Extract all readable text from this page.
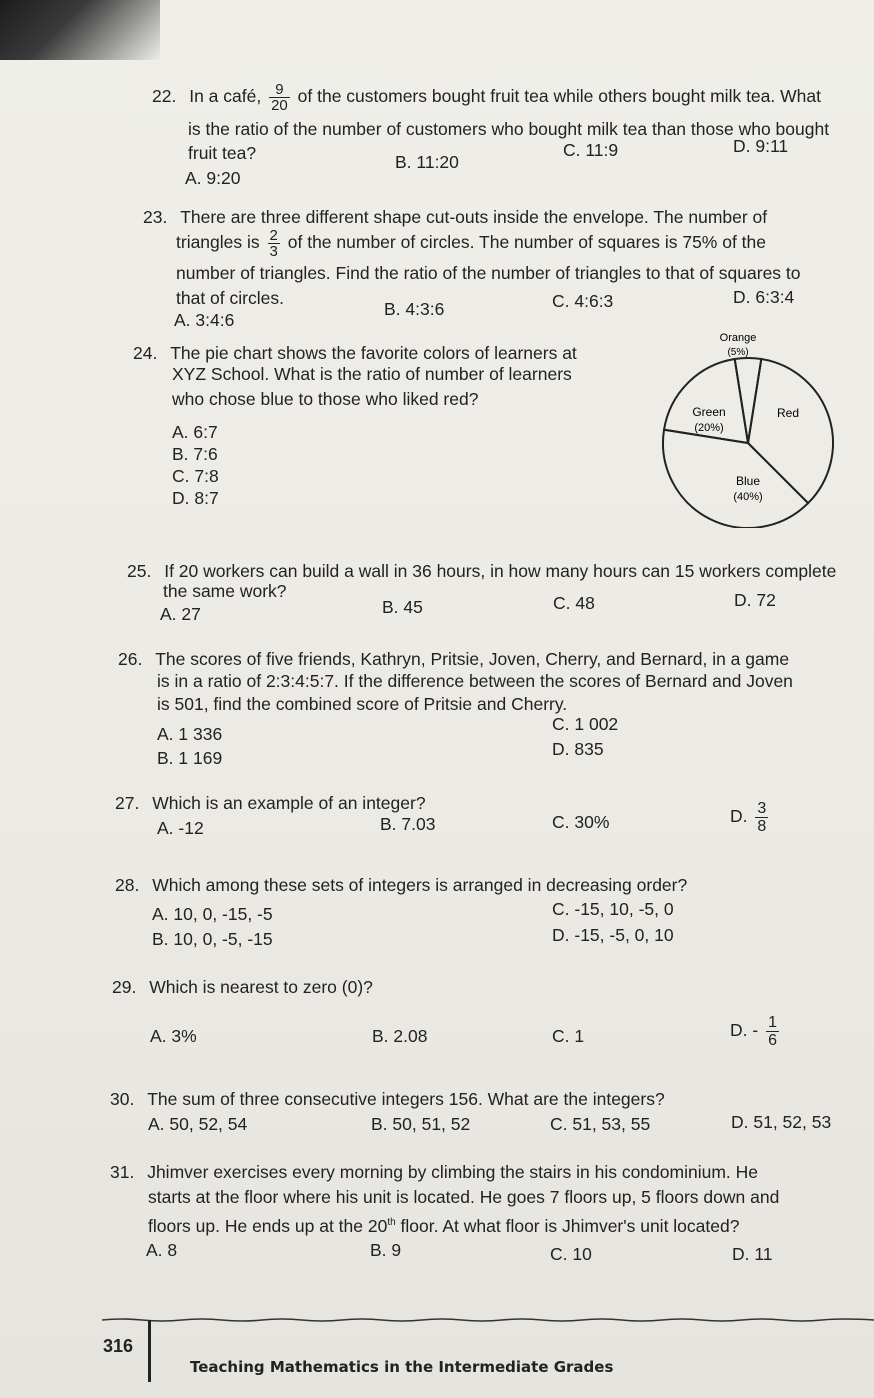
22. In a café, $\frac{9}{20}$ of the customers bought fruit tea while others bought milk tea. What
is the ratio of the number of customers who bought milk tea than those who bought
fruit tea?
A. 9:20
B. 11:20
C. 11:9	D. 9:11
23. There are three different shape cut-outs inside the envelope. The number of
triangles is $\frac{2}{3}$ of the number of circles. The number of squares is 75% of the
number of triangles. Find the ratio of the number of triangles to that of squares to
that of circles.
A. 3:4:6
B. 4:3:6	C. 4:6:3	D. 6:3:4
24. The pie chart shows the favorite colors of learners at
XYZ School. What is the ratio of number of learners
who chose blue to those who liked red?
A. 6:7
B. 7:6
C. 7:8
D. 8:7
Orange
(5%)
Red
Blue
(40%)
Green
(20%)
25. If 20 workers can build a wall in 36 hours, in how many hours can 15 workers complete
the same work?
A. 27	B. 45	C. 48	D. 72
26. The scores of five friends, Kathryn, Pritsie, Joven, Cherry, and Bernard, in a game
is in a ratio of 2:3:4:5:7. If the difference between the scores of Bernard and Joven
is 501, find the combined score of Pritsie and Cherry.
A. 1 336
B. 1 169
C. 1 002
D. 835
27. Which is an example of an integer?
A. -12	B. 7.03	C. 30%	D. $\frac{3}{8}$
28. Which among these sets of integers is arranged in decreasing order?
A. 10, 0, -15, -5
B. 10, 0, -5, -15
C. -15, 10, -5, 0
D. -15, -5, 0, 10
29. Which is nearest to zero (0)?
A. 3%	B. 2.08	C. 1	D. - $\frac{1}{6}$
30. The sum of three consecutive integers 156. What are the integers?
A. 50, 52, 54	B. 50, 51, 52	C. 51, 53, 55	D. 51, 52, 53
31. Jhimver exercises every morning by climbing the stairs in his condominium. He
starts at the floor where his unit is located. He goes 7 floors up, 5 floors down and
floors up. He ends up at the 20th floor. At what floor is Jhimver's unit located?
A. 8	B. 9	C. 10	D. 11
316
Teaching Mathematics in the Intermediate Grades
